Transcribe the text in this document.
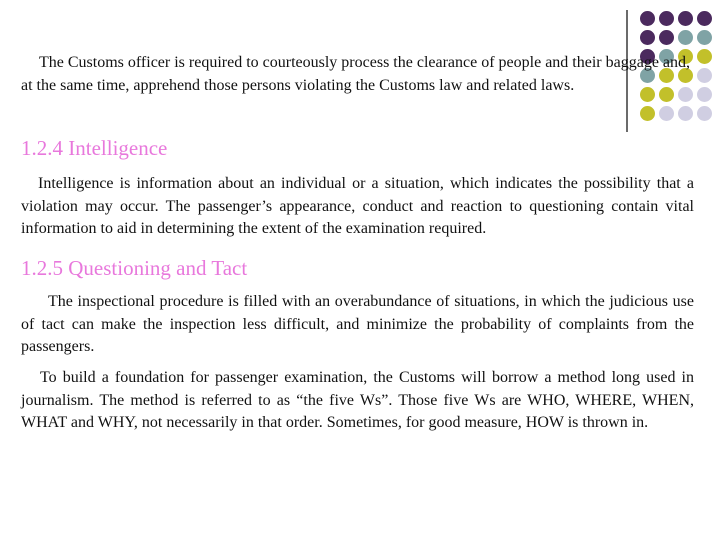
The Customs officer is required to courteously process the clearance of people and their baggage and, at the same time, apprehend those persons violating the Customs law and related laws.
1.2.4 Intelligence
Intelligence is information about an individual or a situation, which indicates the possibility that a violation may occur. The passenger’s appearance, conduct and reaction to questioning contain vital information to aid in determining the extent of the examination required.
1.2.5 Questioning and Tact
The inspectional procedure is filled with an overabundance of situations, in which the judicious use of tact can make the inspection less difficult, and minimize the probability of complaints from the passengers.
To build a foundation for passenger examination, the Customs will borrow a method long used in journalism. The method is referred to as “the five Ws”. Those five Ws are WHO, WHERE, WHEN, WHAT and WHY, not necessarily in that order. Sometimes, for good measure, HOW is thrown in.
